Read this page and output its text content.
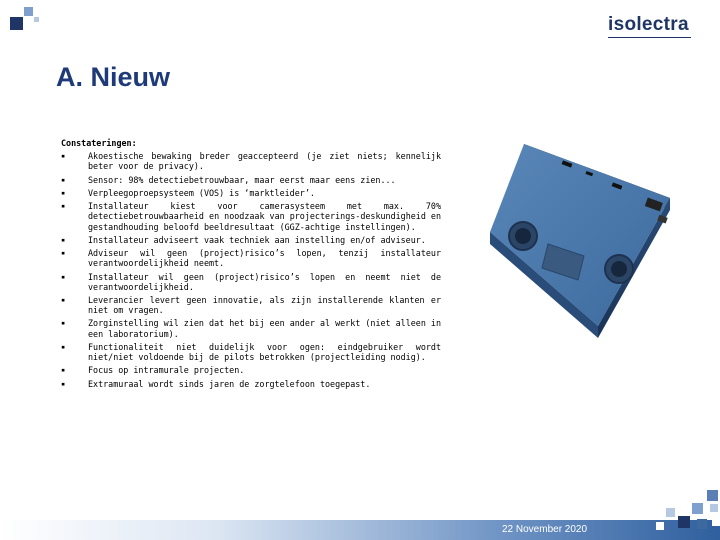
isolectra
A. Nieuw
Constateringen:
▪ Akoestische bewaking breder geaccepteerd (je ziet niets; kennelijk beter voor de privacy).
▪ Sensor: 98% detectiebetrouwbaar, maar eerst maar eens zien...
▪ Verpleegoproepsysteem (VOS) is ‘marktleider’.
▪ Installateur kiest voor camerasysteem met max. 70% detectiebetrouwbaarheid en noodzaak van projecterings-deskundigheid en gestandhouding beloofd beeldresultaat (GGZ-achtige instellingen).
▪ Installateur adviseert vaak techniek aan instelling en/of adviseur.
▪ Adviseur wil geen (project)risico’s lopen, tenzij installateur verantwoordelijkheid neemt.
▪ Installateur wil geen (project)risico’s lopen en neemt niet de verantwoordelijkheid.
▪ Leverancier levert geen innovatie, als zijn installerende klanten er niet om vragen.
▪ Zorginstelling wil zien dat het bij een ander al werkt (niet alleen in een laboratorium).
▪ Functionaliteit niet duidelijk voor ogen: eindgebruiker wordt niet/niet voldoende bij de pilots betrokken (projectleiding nodig).
▪ Focus op intramurale projecten.
▪ Extramuraal wordt sinds jaren de zorgtelefoon toegepast.
22 November 2020
